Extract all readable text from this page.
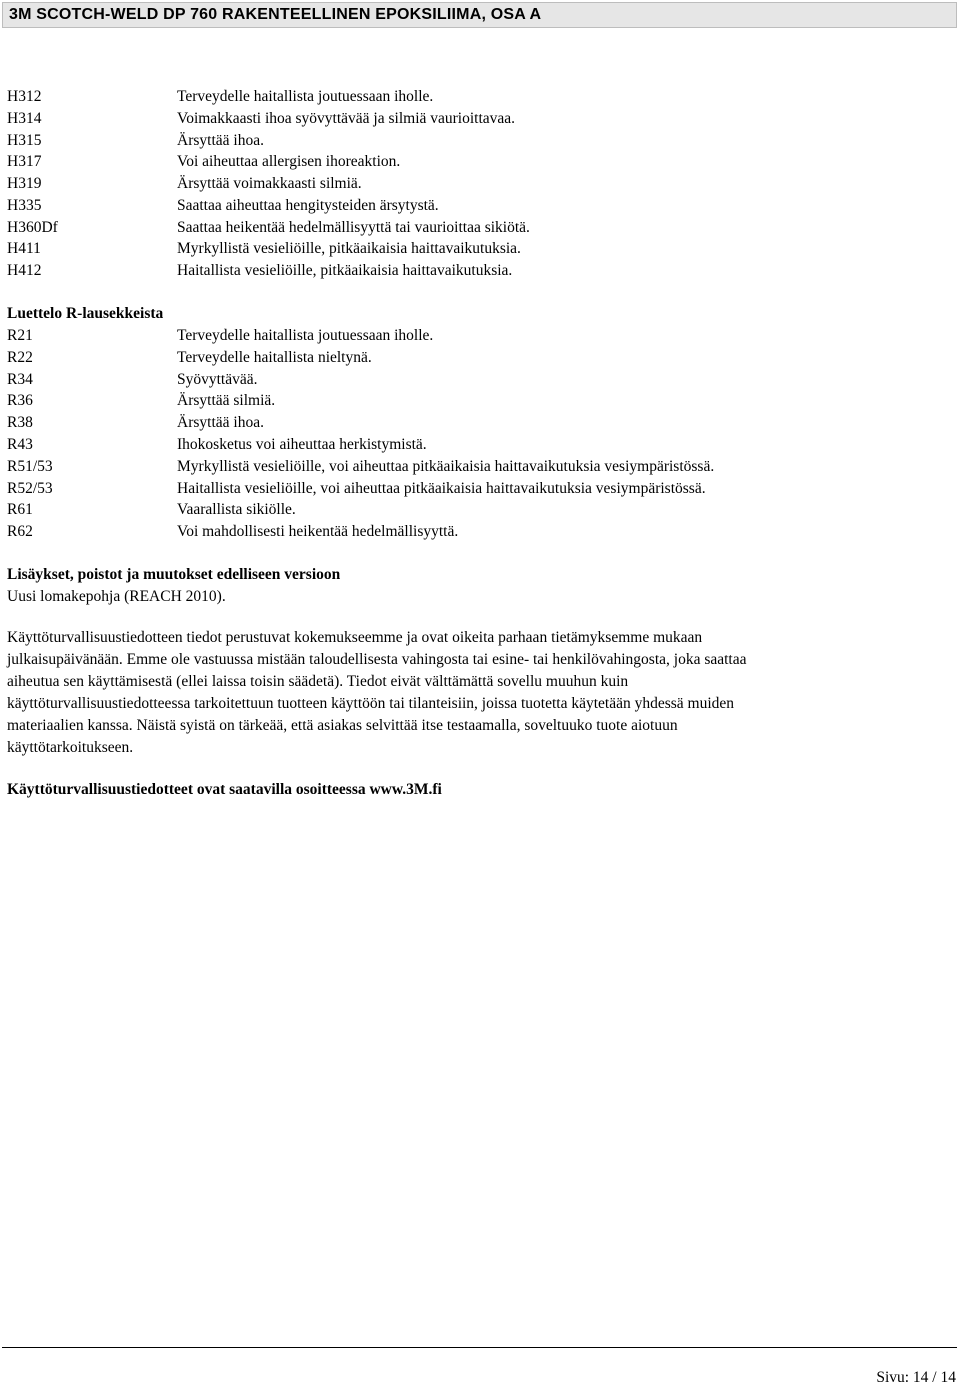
3M SCOTCH-WELD DP 760 RAKENTEELLINEN EPOKSILIIMA, OSA A
H312	Terveydelle haitallista joutuessaan iholle.
H314	Voimakkaasti ihoa syövyttävää ja silmiä vaurioittavaa.
H315	Ärsyttää ihoa.
H317	Voi aiheuttaa allergisen ihoreaktion.
H319	Ärsyttää voimakkaasti silmiä.
H335	Saattaa aiheuttaa hengitysteiden ärsytystä.
H360Df	Saattaa heikentää hedelmällisyyttä tai vaurioittaa sikiötä.
H411	Myrkyllistä vesieliöille, pitkäaikaisia haittavaikutuksia.
H412	Haitallista vesieliöille, pitkäaikaisia haittavaikutuksia.
Luettelo R-lausekkeista
R21	Terveydelle haitallista joutuessaan iholle.
R22	Terveydelle haitallista nieltynä.
R34	Syövyttävää.
R36	Ärsyttää silmiä.
R38	Ärsyttää ihoa.
R43	Ihokosketus voi aiheuttaa herkistymistä.
R51/53	Myrkyllistä vesieliöille, voi aiheuttaa pitkäaikaisia haittavaikutuksia vesiympäristössä.
R52/53	Haitallista vesieliöille, voi aiheuttaa pitkäaikaisia haittavaikutuksia vesiympäristössä.
R61	Vaarallista sikiölle.
R62	Voi mahdollisesti heikentää hedelmällisyyttä.
Lisäykset, poistot ja muutokset edelliseen versioon
Uusi lomakepohja (REACH 2010).
Käyttöturvallisuustiedotteen tiedot perustuvat kokemukseemme ja ovat oikeita parhaan tietämyksemme mukaan
julkaisupäivänään. Emme ole vastuussa mistään taloudellisesta vahingosta tai esine- tai henkilövahingosta, joka saattaa
aiheutua sen käyttämisestä (ellei laissa toisin säädetä). Tiedot eivät välttämättä sovellu muuhun kuin
käyttöturvallisuustiedotteessa tarkoitettuun tuotteen käyttöön tai tilanteisiin, joissa tuotetta käytetään yhdessä muiden
materiaalien kanssa. Näistä syistä on tärkeää, että asiakas selvittää itse testaamalla, soveltuuko tuote aiotuun
käyttötarkoitukseen.
Käyttöturvallisuustiedotteet ovat saatavilla osoitteessa www.3M.fi
Sivu: 14 / 14
